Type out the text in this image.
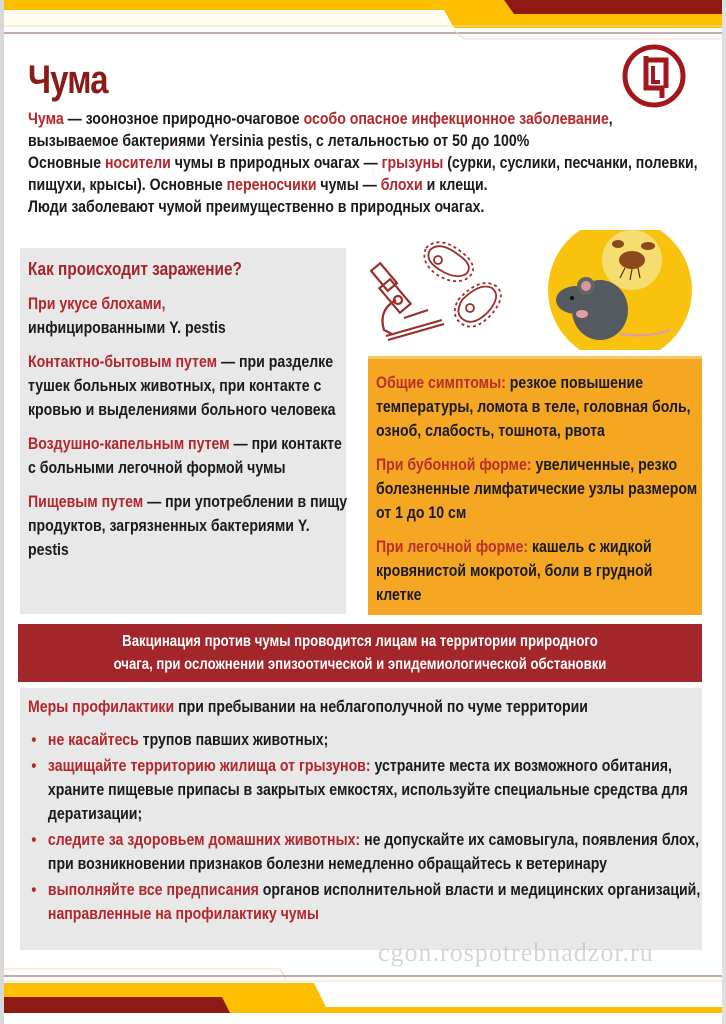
Чума

Чума — зоонозное природно-очаговое особо опасное инфекционное заболевание,

вызываемое бактериями Yersinia pestis, с летальностью от 50 до 100%

Основные носители чумы в природных очагах — грызуны (сурки, суслики, песчанки, полевки, пищухи, крысы). Основные переносчики чумы — блохи и клещи.

Люди заболевают чумой преимущественно в природных очагах.

Как происходит заражение?
При укусе блохами,
инфицированными Y. pestis
Контактно-бытовым путем — при разделке тушек больных животных, при контакте с кровью и выделениями больного человека
Воздушно-капельным путем — при контакте с больными легочной формой чумы
Пищевым путем — при употреблении в пищу продуктов, загрязненных бактериями Y. pestis
Общие симптомы: резкое повышение температуры, ломота в теле, головная боль, озноб, слабость, тошнота, рвота
При бубонной форме: увеличенные, резко болезненные лимфатические узлы размером от 1 до 10 см
При легочной форме: кашель с жидкой кровянистой мокротой, боли в грудной клетке
Вакцинация против чумы проводится лицам на территории природного
очага, при осложнении эпизоотической и эпидемиологической обстановки
Меры профилактики при пребывании на неблагополучной по чуме территории
• не касайтесь трупов павших животных;
• защищайте территорию жилища от грызунов: устраните места их возможного обитания, храните пищевые припасы в закрытых емкостях, используйте специальные средства для дератизации;
• следите за здоровьем домашних животных: не допускайте их самовыгула, появления блох, при возникновении признаков болезни немедленно обращайтесь к ветеринару
• выполняйте все предписания органов исполнительной власти и медицинских организаций, направленные на профилактику чумы
cgon.rospotrebnadzor.ru
